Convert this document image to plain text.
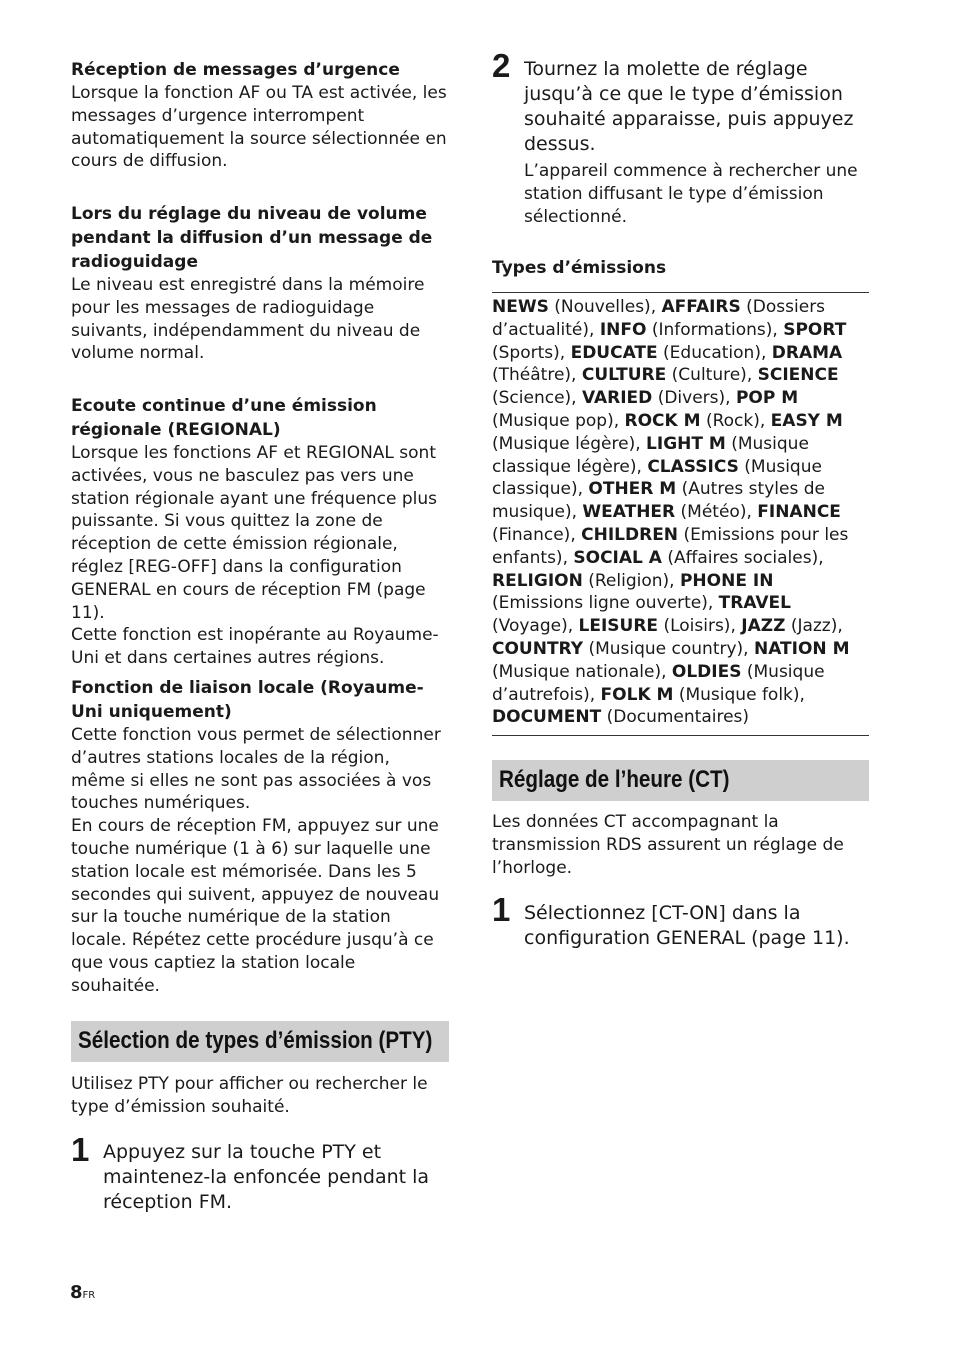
Réception de messages d’urgence

Lorsque la fonction AF ou TA est activée, les messages d’urgence interrompent automatiquement la source sélectionnée en cours de diffusion.

Lors du réglage du niveau de volume pendant la diffusion d’un message de radioguidage

Le niveau est enregistré dans la mémoire pour les messages de radioguidage suivants, indépendamment du niveau de volume normal.

Ecoute continue d’une émission régionale (REGIONAL)

Lorsque les fonctions AF et REGIONAL sont activées, vous ne basculez pas vers une station régionale ayant une fréquence plus puissante. Si vous quittez la zone de réception de cette émission régionale, réglez [REG-OFF] dans la configuration GENERAL en cours de réception FM (page 11).

Cette fonction est inopérante au Royaume-Uni et dans certaines autres régions.

Fonction de liaison locale (Royaume-Uni uniquement)

Cette fonction vous permet de sélectionner d’autres stations locales de la région, même si elles ne sont pas associées à vos touches numériques.

En cours de réception FM, appuyez sur une touche numérique (1 à 6) sur laquelle une station locale est mémorisée. Dans les 5 secondes qui suivent, appuyez de nouveau sur la touche numérique de la station locale. Répétez cette procédure jusqu’à ce que vous captiez la station locale souhaitée.

Sélection de types d’émission (PTY)

Utilisez PTY pour afficher ou rechercher le type d’émission souhaité.

1 Appuyez sur la touche PTY et maintenez-la enfoncée pendant la réception FM.
2 Tournez la molette de réglage jusqu’à ce que le type d’émission souhaité apparaisse, puis appuyez dessus.

L’appareil commence à rechercher une station diffusant le type d’émission sélectionné.

Types d’émissions

NEWS (Nouvelles), AFFAIRS (Dossiers d’actualité), INFO (Informations), SPORT (Sports), EDUCATE (Education), DRAMA (Théâtre), CULTURE (Culture), SCIENCE (Science), VARIED (Divers), POP M (Musique pop), ROCK M (Rock), EASY M (Musique légère), LIGHT M (Musique classique légère), CLASSICS (Musique classique), OTHER M (Autres styles de musique), WEATHER (Météo), FINANCE (Finance), CHILDREN (Emissions pour les enfants), SOCIAL A (Affaires sociales), RELIGION (Religion), PHONE IN (Emissions ligne ouverte), TRAVEL (Voyage), LEISURE (Loisirs), JAZZ (Jazz), COUNTRY (Musique country), NATION M (Musique nationale), OLDIES (Musique d’autrefois), FOLK M (Musique folk), DOCUMENT (Documentaires)

Réglage de l’heure (CT)

Les données CT accompagnant la transmission RDS assurent un réglage de l’horloge.

1 Sélectionnez [CT-ON] dans la configuration GENERAL (page 11).
8FR
